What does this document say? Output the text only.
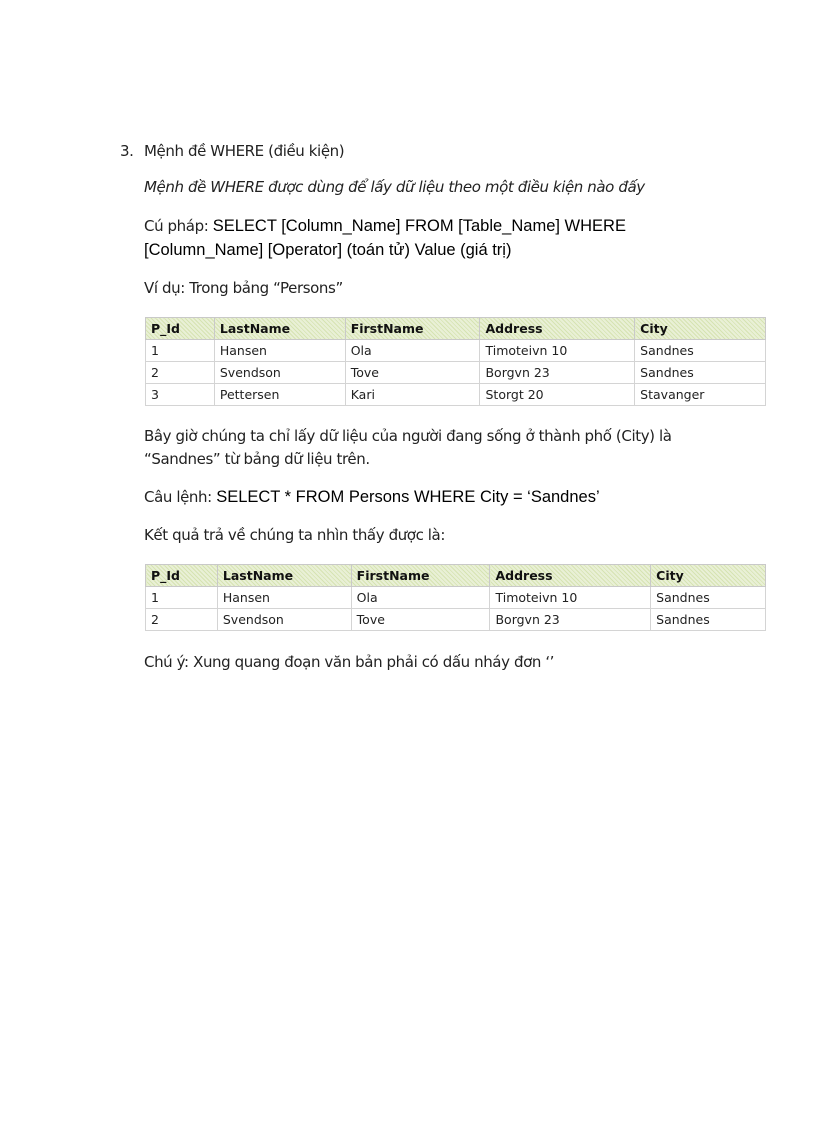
3. Mệnh đề WHERE (điều kiện)
Mệnh đề WHERE được dùng để lấy dữ liệu theo một điều kiện nào đấy
Cú pháp: SELECT [Column_Name] FROM [Table_Name] WHERE
[Column_Name] [Operator] (toán tử) Value (giá trị)
Ví dụ: Trong bảng “Persons”
P_Id	LastName	FirstName	Address	City
1	Hansen	Ola	Timoteivn 10	Sandnes
2	Svendson	Tove	Borgvn 23	Sandnes
3	Pettersen	Kari	Storgt 20	Stavanger
Bây giờ chúng ta chỉ lấy dữ liệu của người đang sống ở thành phố (City) là
“Sandnes” từ bảng dữ liệu trên.
Câu lệnh: SELECT * FROM Persons WHERE City = ‘Sandnes’
Kết quả trả về chúng ta nhìn thấy được là:
P_Id	LastName	FirstName	Address	City
1	Hansen	Ola	Timoteivn 10	Sandnes
2	Svendson	Tove	Borgvn 23	Sandnes
Chú ý: Xung quang đoạn văn bản phải có dấu nháy đơn ‘’
